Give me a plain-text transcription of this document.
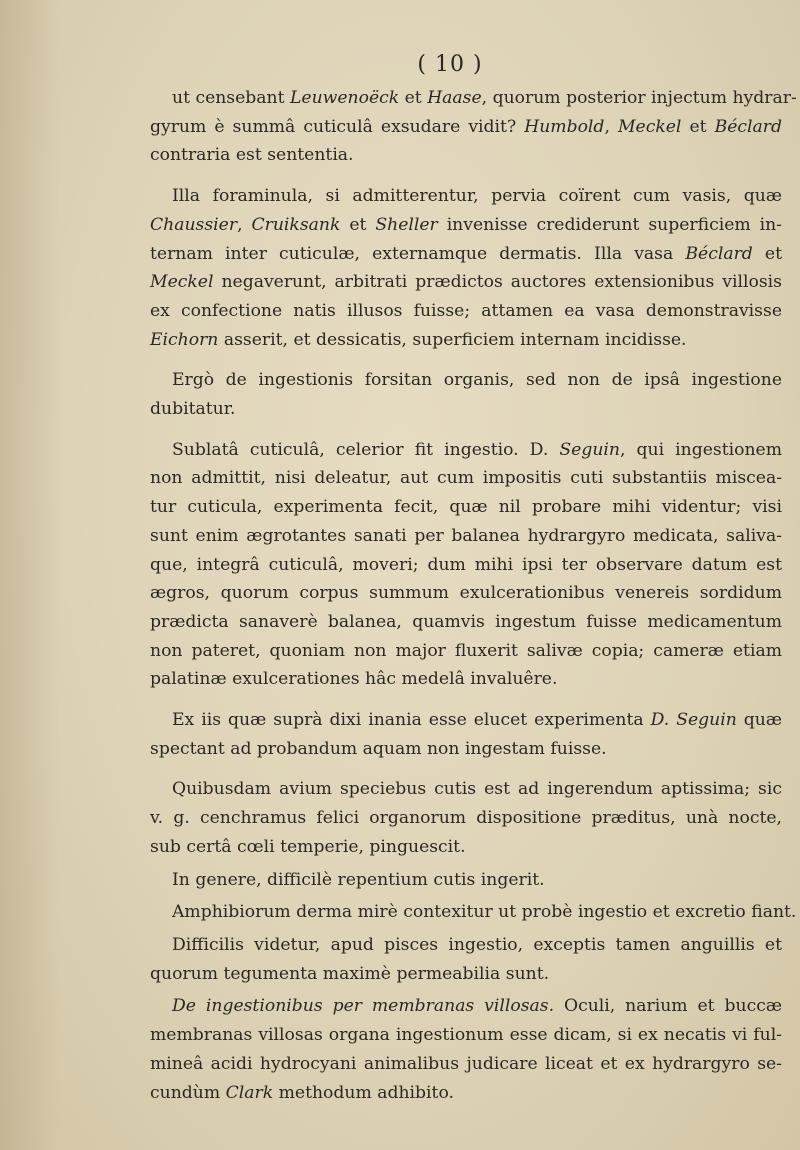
( 10 )

ut censebant Leuwenoëck et Haase, quorum posterior injectum hydrar-
gyrum è summâ cuticulâ exsudare vidit? Humbold, Meckel et Béclard
contraria est sententia.

Illa foraminula, si admitterentur, pervia coïrent cum vasis, quæ
Chaussier, Cruiksank et Sheller invenisse crediderunt superficiem in-
ternam inter cuticulæ, externamque dermatis. Illa vasa Béclard et
Meckel negaverunt, arbitrati prædictos auctores extensionibus villosis
ex confectione natis illusos fuisse; attamen ea vasa demonstravisse
Eichorn asserit, et dessicatis, superficiem internam incidisse.

Ergò de ingestionis forsitan organis, sed non de ipsâ ingestione
dubitatur.

Sublatâ cuticulâ, celerior fit ingestio. D. Seguin, qui ingestionem
non admittit, nisi deleatur, aut cum impositis cuti substantiis miscea-
tur cuticula, experimenta fecit, quæ nil probare mihi videntur; visi
sunt enim ægrotantes sanati per balanea hydrargyro medicata, saliva-
que, integrâ cuticulâ, moveri; dum mihi ipsi ter observare datum est
ægros, quorum corpus summum exulcerationibus venereis sordidum
prædicta sanaverè balanea, quamvis ingestum fuisse medicamentum
non pateret, quoniam non major fluxerit salivæ copia; cameræ etiam
palatinæ exulcerationes hâc medelâ invaluêre.

Ex iis quæ suprà dixi inania esse elucet experimenta D. Seguin quæ
spectant ad probandum aquam non ingestam fuisse.

Quibusdam avium speciebus cutis est ad ingerendum aptissima; sic
v. g. cenchramus felici organorum dispositione præditus, unà nocte,
sub certâ cœli temperie, pinguescit.

In genere, difficilè repentium cutis ingerit.

Amphibiorum derma mirè contexitur ut probè ingestio et excretio fiant.

Difficilis videtur, apud pisces ingestio, exceptis tamen anguillis et
quorum tegumenta maximè permeabilia sunt.

De ingestionibus per membranas villosas. Oculi, narium et buccæ
membranas villosas organa ingestionum esse dicam, si ex necatis vi ful-
mineâ acidi hydrocyani animalibus judicare liceat et ex hydrargyro se-
cundùm Clark methodum adhibito.
